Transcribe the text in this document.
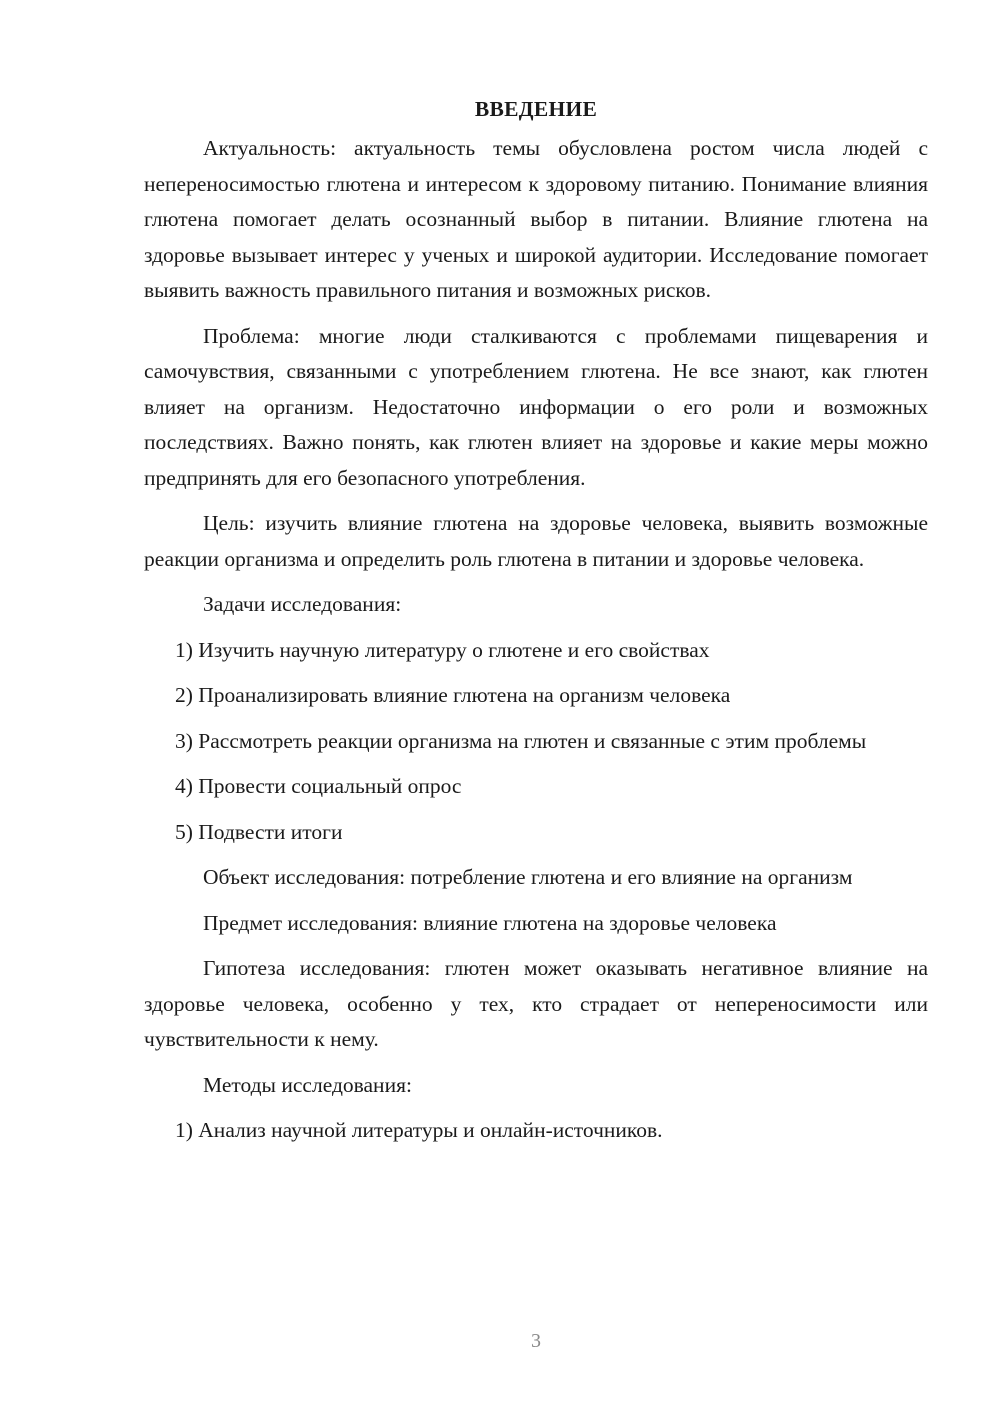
ВВЕДЕНИЕ

Актуальность: актуальность темы обусловлена ростом числа людей с непереносимостью глютена и интересом к здоровому питанию. Понимание влияния глютена помогает делать осознанный выбор в питании. Влияние глютена на здоровье вызывает интерес у ученых и широкой аудитории. Исследование помогает выявить важность правильного питания и возможных рисков.

Проблема: многие люди сталкиваются с проблемами пищеварения и самочувствия, связанными с употреблением глютена. Не все знают, как глютен влияет на организм. Недостаточно информации о его роли и возможных последствиях. Важно понять, как глютен влияет на здоровье и какие меры можно предпринять для его безопасного употребления.

Цель: изучить влияние глютена на здоровье человека, выявить возможные реакции организма и определить роль глютена в питании и здоровье человека.

Задачи исследования:

1) Изучить научную литературу о глютене и его свойствах

2) Проанализировать влияние глютена на организм человека

3) Рассмотреть реакции организма на глютен и связанные с этим проблемы

4) Провести социальный опрос

5) Подвести итоги

Объект исследования: потребление глютена и его влияние на организм

Предмет исследования: влияние глютена на здоровье человека

Гипотеза исследования: глютен может оказывать негативное влияние на здоровье человека, особенно у тех, кто страдает от непереносимости или чувствительности к нему.

Методы исследования:

1) Анализ научной литературы и онлайн-источников.

3
